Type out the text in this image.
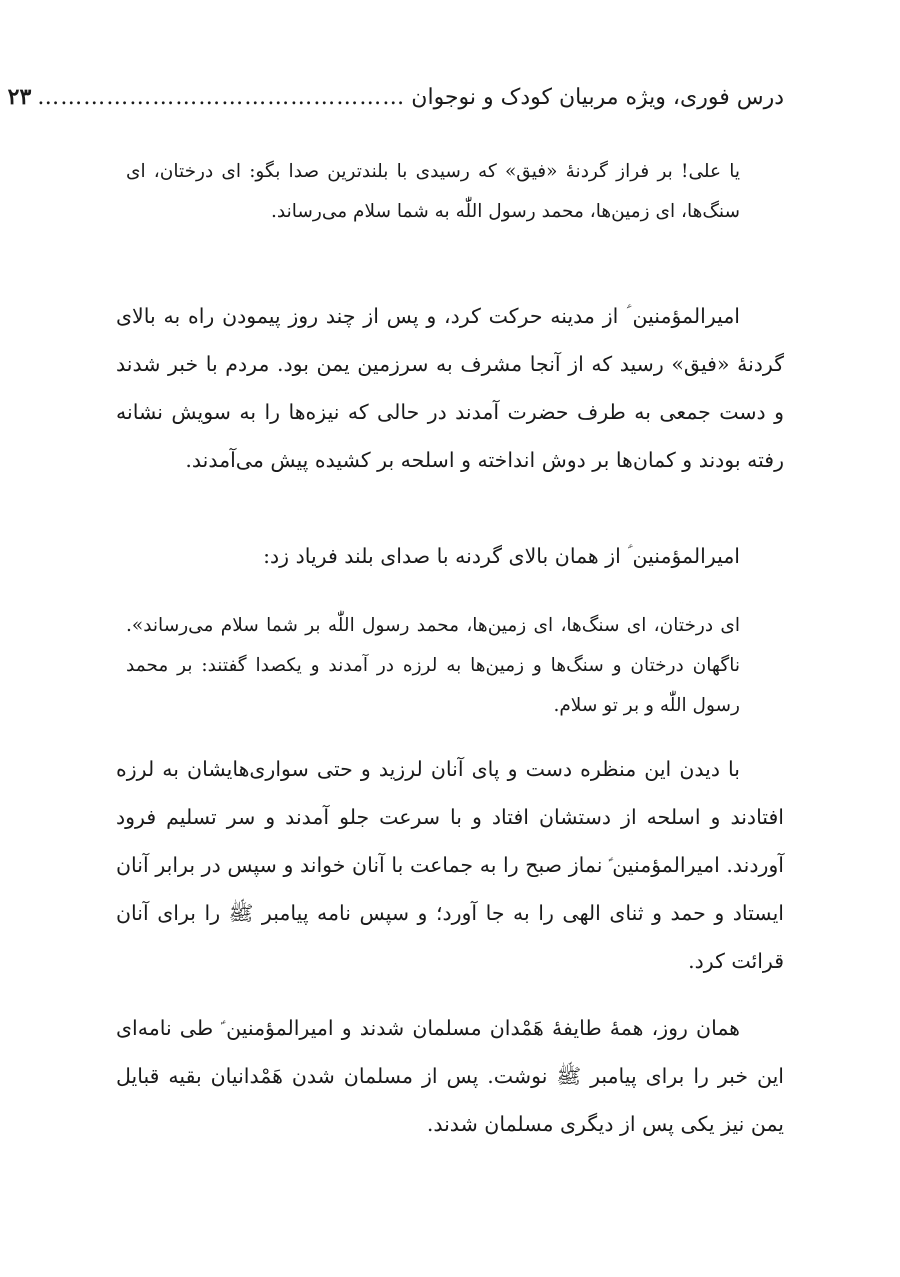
درس فوری، ویژه مربیان کودک و نوجوان
…………………………………………
۲۳
یا علی! بر فراز گردنهٔ «فیق» که رسیدی با بلندترین صدا بگو: ای درختان، ای سنگ‌ها، ای زمین‌ها، محمد رسول اللّٰه به شما سلام می‌رساند.
امیرالمؤمنین ؑ از مدینه حرکت کرد، و پس از چند روز پیمودن راه به بالای گردنهٔ «فیق» رسید که از آنجا مشرف به سرزمین یمن بود. مردم با خبر شدند و دست جمعی به طرف حضرت آمدند در حالی که نیزه‌ها را به سویش نشانه رفته بودند و کمان‌ها بر دوش انداخته و اسلحه بر کشیده پیش می‌آمدند.
امیرالمؤمنین ؑ از همان بالای گردنه با صدای بلند فریاد زد:
ای درختان، ای سنگ‌ها، ای زمین‌ها، محمد رسول اللّٰه بر شما سلام می‌رساند». ناگهان درختان و سنگ‌ها و زمین‌ها به لرزه در آمدند و یکصدا گفتند: بر محمد رسول اللّٰه و بر تو سلام.
با دیدن این منظره دست و پای آنان لرزید و حتی سواری‌هایشان به لرزه افتادند و اسلحه از دستشان افتاد و با سرعت جلو آمدند و سر تسلیم فرود آوردند. امیرالمؤمنین ؑ نماز صبح را به جماعت با آنان خواند و سپس در برابر آنان ایستاد و حمد و ثنای الهی را به جا آورد؛ و سپس نامه پیامبر ﷺ را برای آنان قرائت کرد.
همان روز، همهٔ طایفهٔ هَمْدان مسلمان شدند و امیرالمؤمنین ؑ طی نامه‌ای این خبر را برای پیامبر ﷺ نوشت. پس از مسلمان شدن هَمْدانیان بقیه قبایل یمن نیز یکی پس از دیگری مسلمان شدند.
